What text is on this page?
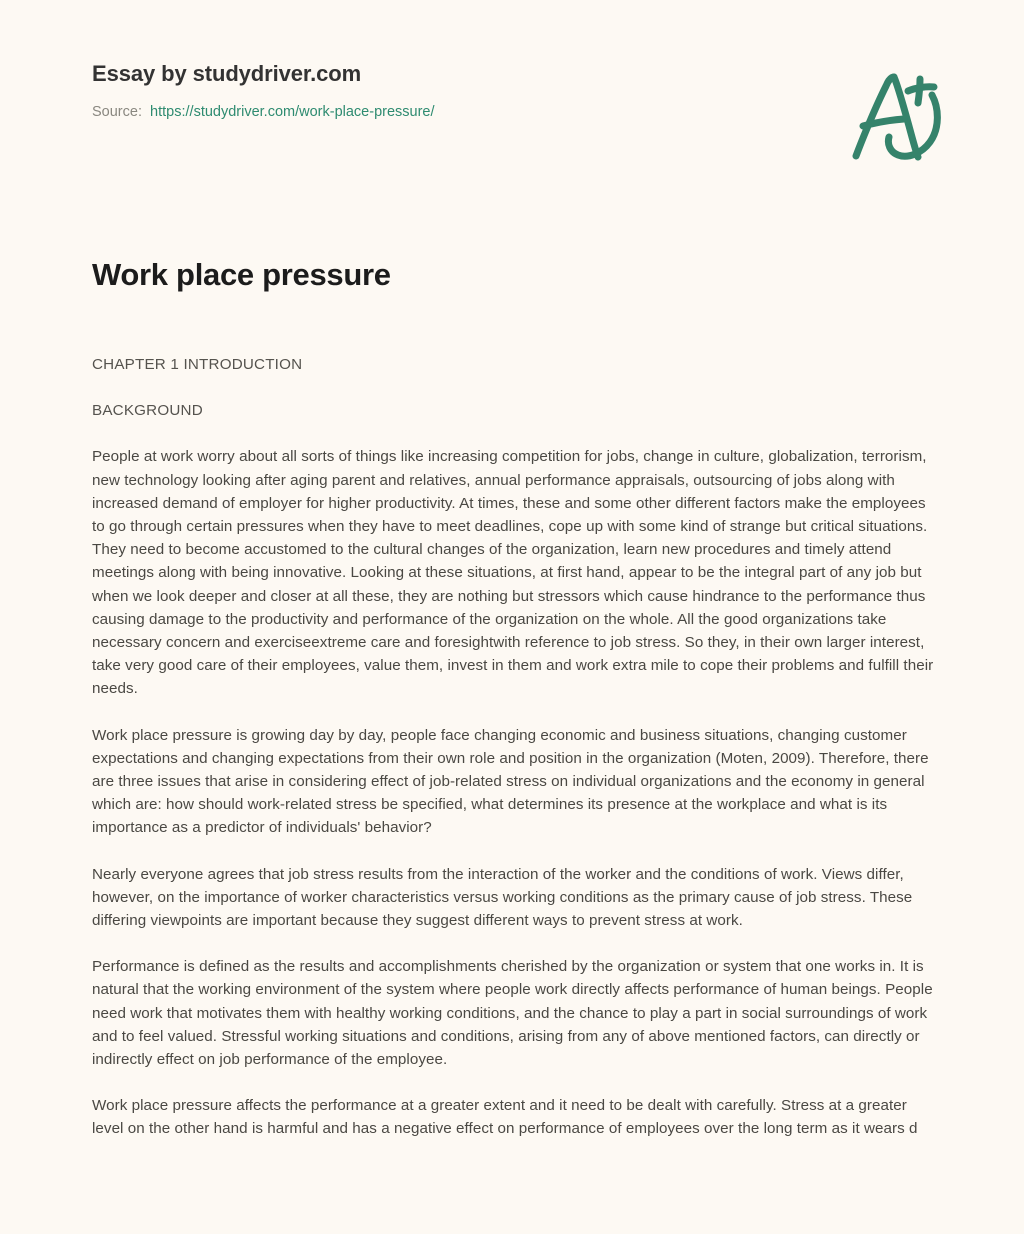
Essay by studydriver.com
Source: https://studydriver.com/work-place-pressure/
Work place pressure

CHAPTER 1 INTRODUCTION

BACKGROUND

People at work worry about all sorts of things like increasing competition for jobs, change in culture, globalization, terrorism, new technology looking after aging parent and relatives, annual performance appraisals, outsourcing of jobs along with increased demand of employer for higher productivity. At times, these and some other different factors make the employees to go through certain pressures when they have to meet deadlines, cope up with some kind of strange but critical situations. They need to become accustomed to the cultural changes of the organization, learn new procedures and timely attend meetings along with being innovative. Looking at these situations, at first hand, appear to be the integral part of any job but when we look deeper and closer at all these, they are nothing but stressors which cause hindrance to the performance thus causing damage to the productivity and performance of the organization on the whole. All the good organizations take necessary concern and exerciseextreme care and foresightwith reference to job stress. So they, in their own larger interest, take very good care of their employees, value them, invest in them and work extra mile to cope their problems and fulfill their needs.

Work place pressure is growing day by day, people face changing economic and business situations, changing customer expectations and changing expectations from their own role and position in the organization (Moten, 2009). Therefore, there are three issues that arise in considering effect of job-related stress on individual organizations and the economy in general which are: how should work-related stress be specified, what determines its presence at the workplace and what is its importance as a predictor of individuals' behavior?

Nearly everyone agrees that job stress results from the interaction of the worker and the conditions of work. Views differ, however, on the importance of worker characteristics versus working conditions as the primary cause of job stress. These differing viewpoints are important because they suggest different ways to prevent stress at work.

Performance is defined as the results and accomplishments cherished by the organization or system that one works in. It is natural that the working environment of the system where people work directly affects performance of human beings. People need work that motivates them with healthy working conditions, and the chance to play a part in social surroundings of work and to feel valued. Stressful working situations and conditions, arising from any of above mentioned factors, can directly or indirectly effect on job performance of the employee.

Work place pressure affects the performance at a greater extent and it need to be dealt with carefully. Stress at a greater level on the other hand is harmful and has a negative effect on performance of employees over the long term as it wears d
